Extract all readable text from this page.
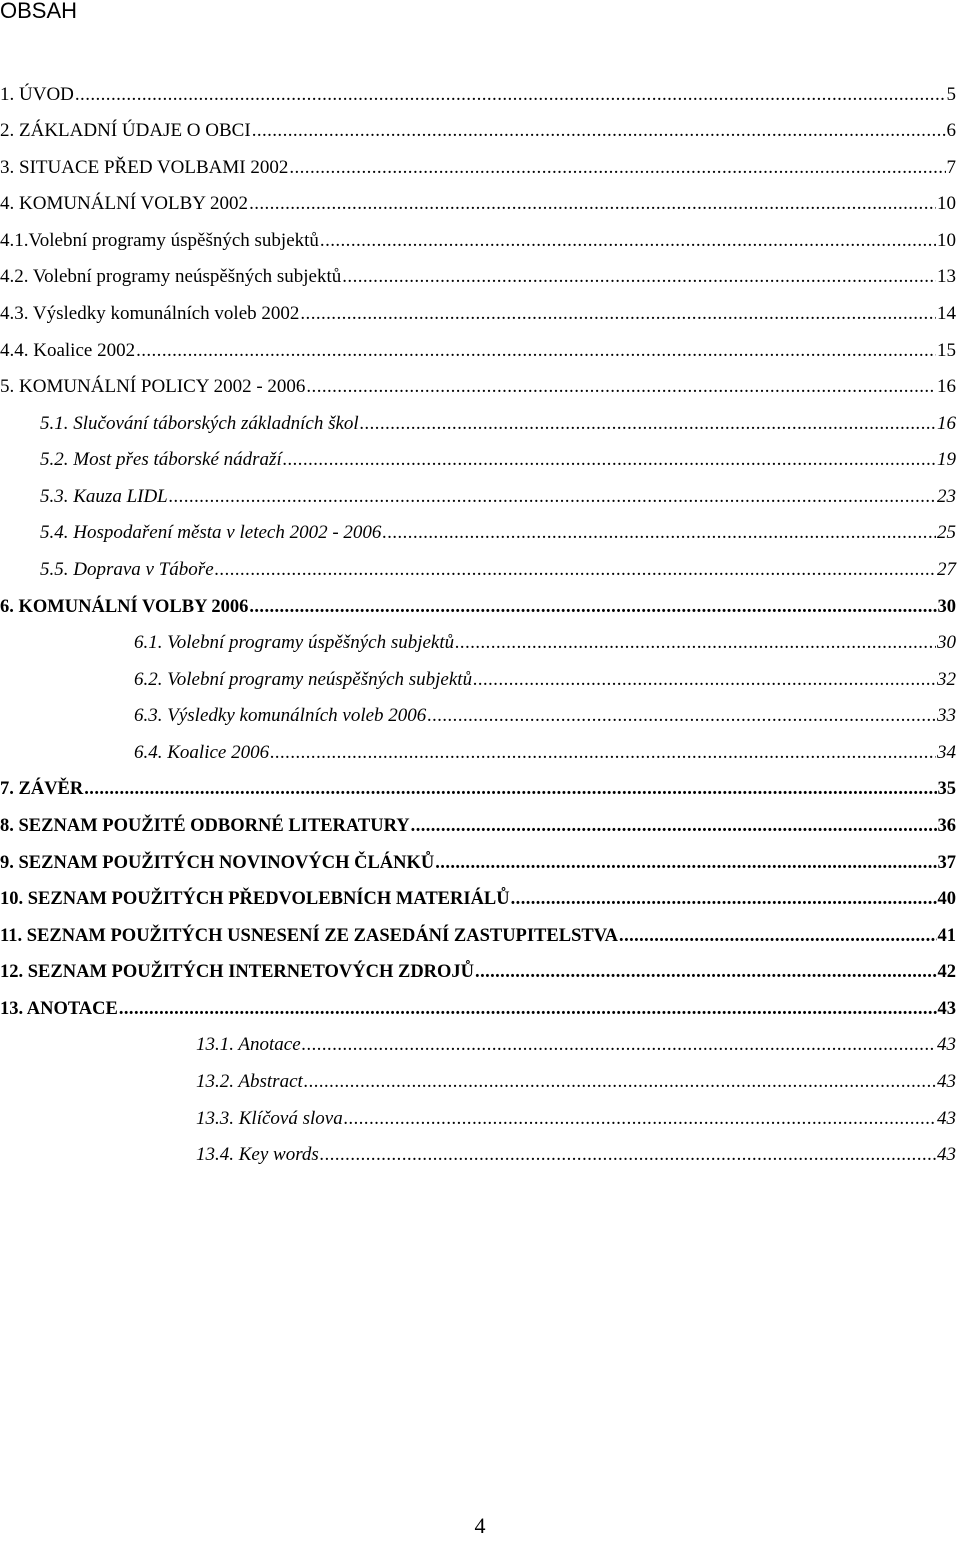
OBSAH
1. ÚVOD .....	5
2. ZÁKLADNÍ ÚDAJE O OBCI .....	6
3. SITUACE PŘED VOLBAMI 2002 .....	7
4. KOMUNÁLNÍ VOLBY 2002 .....	10
4.1.Volební programy úspěšných subjektů .....	10
4.2. Volební programy neúspěšných subjektů .....	13
4.3. Výsledky komunálních voleb 2002 .....	14
4.4. Koalice 2002 .....	15
5. KOMUNÁLNÍ POLICY 2002 - 2006 .....	16
5.1. Slučování táborských základních škol .....	16
5.2. Most přes táborské nádraží .....	19
5.3. Kauza LIDL .....	23
5.4. Hospodaření města v letech 2002 - 2006 .....	25
5.5. Doprava v Táboře .....	27
6. KOMUNÁLNÍ VOLBY 2006 .....	30
6.1. Volební programy úspěšných subjektů .....	30
6.2. Volební programy neúspěšných subjektů .....	32
6.3. Výsledky komunálních voleb 2006 .....	33
6.4. Koalice 2006 .....	34
7. ZÁVĚR .....	35
8. SEZNAM POUŽITÉ ODBORNÉ LITERATURY .....	36
9. SEZNAM POUŽITÝCH NOVINOVÝCH ČLÁNKŮ .....	37
10. SEZNAM POUŽITÝCH PŘEDVOLEBNÍCH MATERIÁLŮ .....	40
11. SEZNAM POUŽITÝCH USNESENÍ ZE ZASEDÁNÍ ZASTUPITELSTVA .....	41
12. SEZNAM POUŽITÝCH INTERNETOVÝCH ZDROJŮ .....	42
13. ANOTACE .....	43
13.1. Anotace .....	43
13.2. Abstract .....	43
13.3. Klíčová slova .....	43
13.4. Key words .....	43
4
